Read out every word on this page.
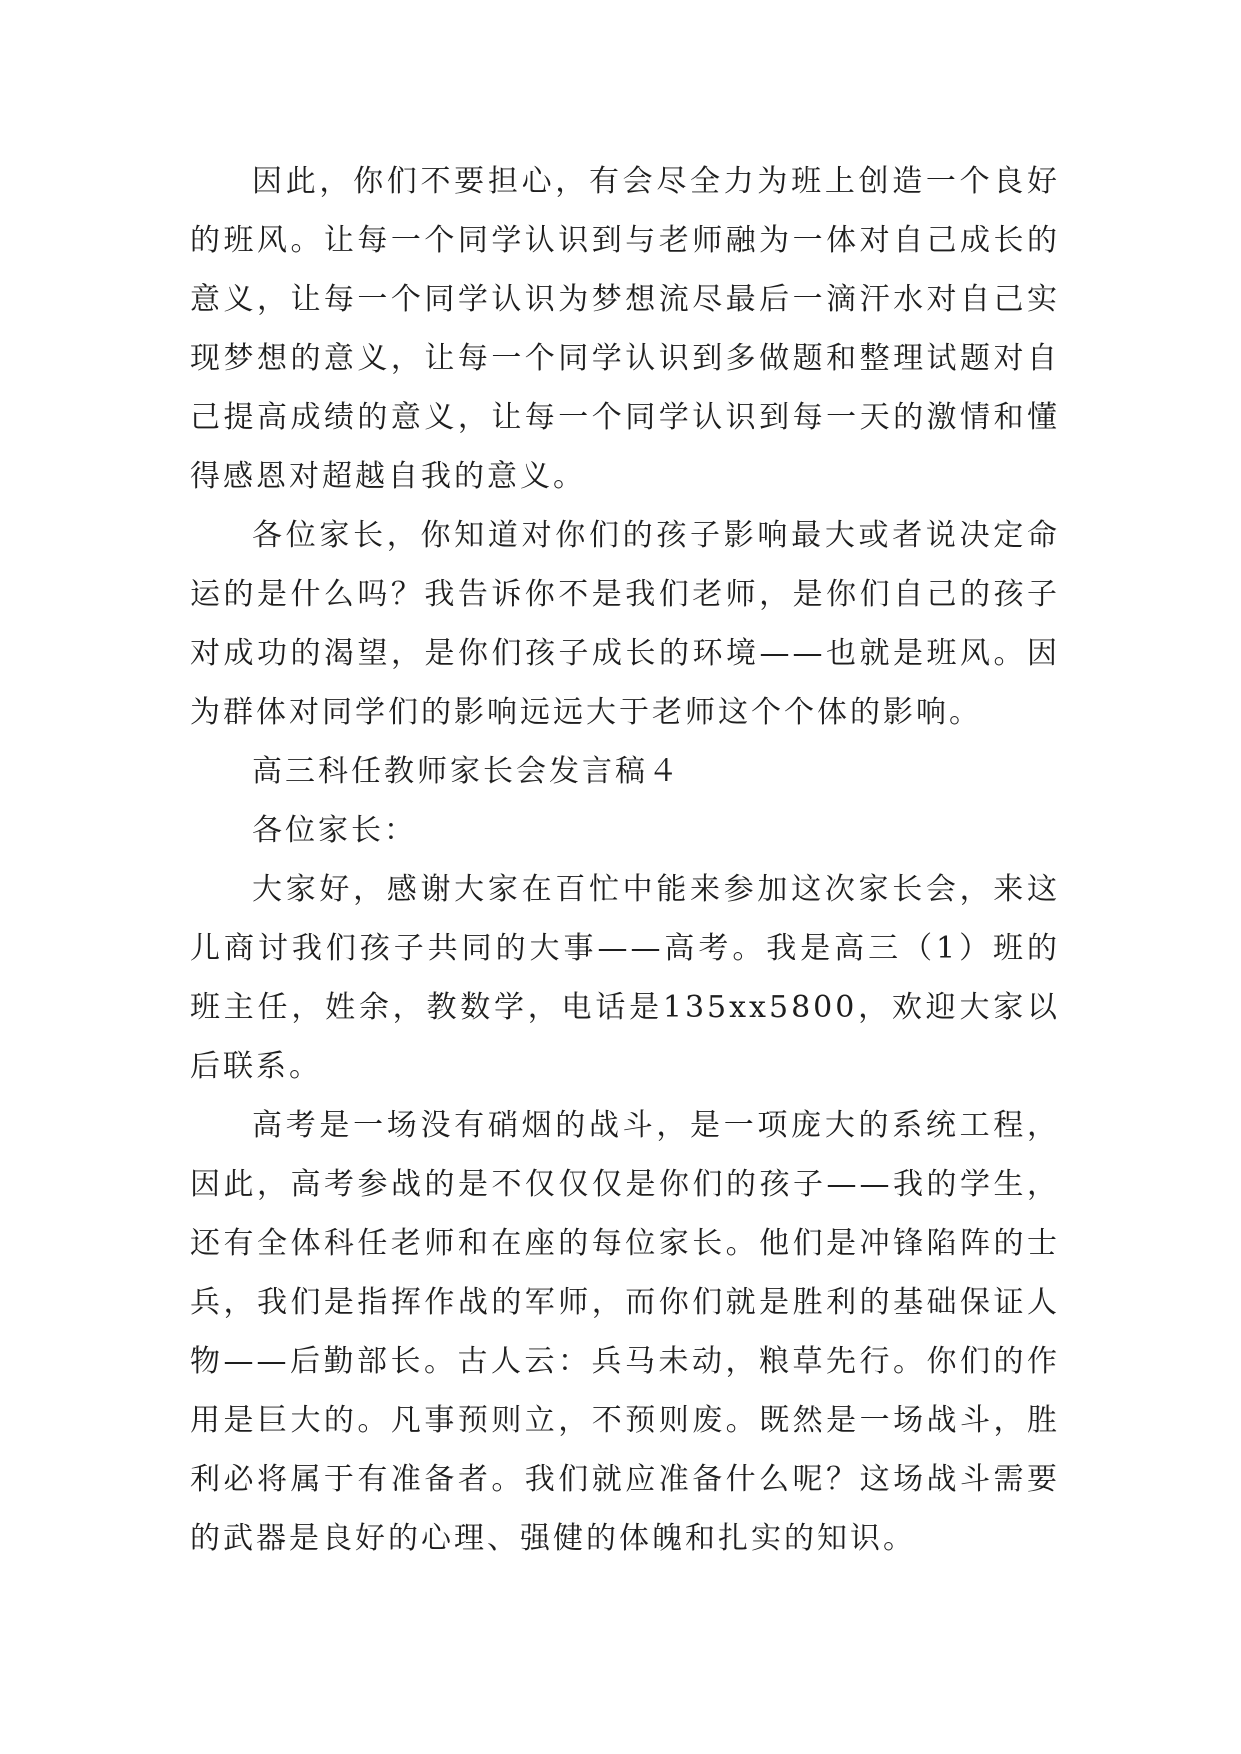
因此，你们不要担心，有会尽全力为班上创造一个良好的班风。让每一个同学认识到与老师融为一体对自己成长的意义，让每一个同学认识为梦想流尽最后一滴汗水对自己实现梦想的意义，让每一个同学认识到多做题和整理试题对自己提高成绩的意义，让每一个同学认识到每一天的激情和懂得感恩对超越自我的意义。

各位家长，你知道对你们的孩子影响最大或者说决定命运的是什么吗？我告诉你不是我们老师，是你们自己的孩子对成功的渴望，是你们孩子成长的环境——也就是班风。因为群体对同学们的影响远远大于老师这个个体的影响。

高三科任教师家长会发言稿４

各位家长：

大家好，感谢大家在百忙中能来参加这次家长会，来这儿商讨我们孩子共同的大事——高考。我是高三（1）班的班主任，姓余，教数学，电话是135xx5800，欢迎大家以后联系。

高考是一场没有硝烟的战斗，是一项庞大的系统工程，因此，高考参战的是不仅仅仅是你们的孩子——我的学生，还有全体科任老师和在座的每位家长。他们是冲锋陷阵的士兵，我们是指挥作战的军师，而你们就是胜利的基础保证人物——后勤部长。古人云：兵马未动，粮草先行。你们的作用是巨大的。凡事预则立，不预则废。既然是一场战斗，胜利必将属于有准备者。我们就应准备什么呢？这场战斗需要的武器是良好的心理、强健的体魄和扎实的知识。
